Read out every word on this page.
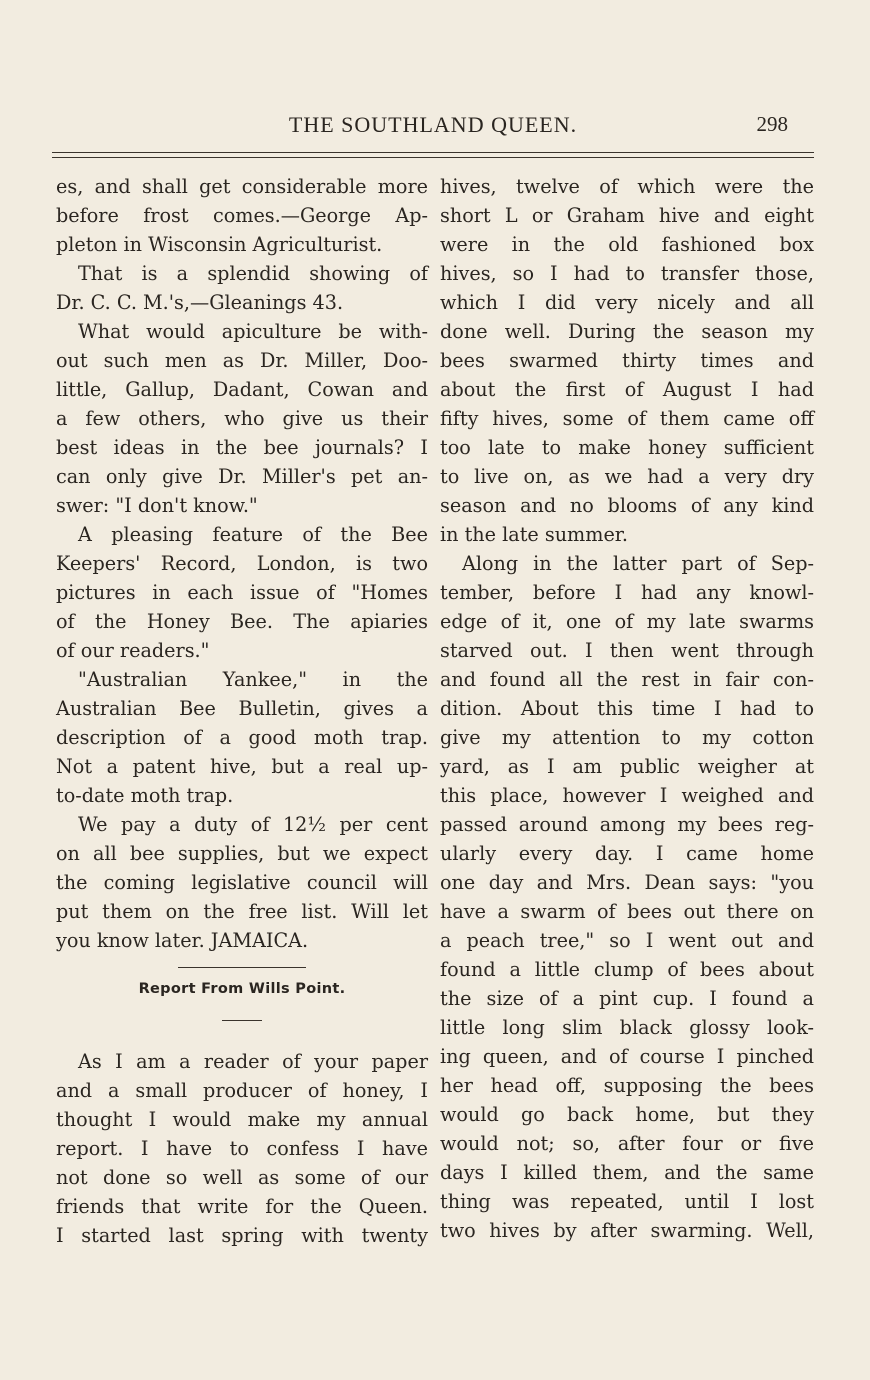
THE SOUTHLAND QUEEN.	298
es, and shall get considerable more
before frost comes.—George Ap-
pleton in Wisconsin Agriculturist.
That is a splendid showing of
Dr. C. C. M.'s,—Gleanings 43.
What would apiculture be with-
out such men as Dr. Miller, Doo-
little, Gallup, Dadant, Cowan and
a few others, who give us their
best ideas in the bee journals? I
can only give Dr. Miller's pet an-
swer: "I don't know."
A pleasing feature of the Bee
Keepers' Record, London, is two
pictures in each issue of "Homes
of the Honey Bee. The apiaries
of our readers."
"Australian Yankee," in the
Australian Bee Bulletin, gives a
description of a good moth trap.
Not a patent hive, but a real up-
to-date moth trap.
We pay a duty of 12½ per cent
on all bee supplies, but we expect
the coming legislative council will
put them on the free list. Will let
you know later. JAMAICA.
Report From Wills Point.
As I am a reader of your paper
and a small producer of honey, I
thought I would make my annual
report. I have to confess I have
not done so well as some of our
friends that write for the Queen.
I started last spring with twenty
hives, twelve of which were the
short L or Graham hive and eight
were in the old fashioned box
hives, so I had to transfer those,
which I did very nicely and all
done well. During the season my
bees swarmed thirty times and
about the first of August I had
fifty hives, some of them came off
too late to make honey sufficient
to live on, as we had a very dry
season and no blooms of any kind
in the late summer.
Along in the latter part of Sep-
tember, before I had any knowl-
edge of it, one of my late swarms
starved out. I then went through
and found all the rest in fair con-
dition. About this time I had to
give my attention to my cotton
yard, as I am public weigher at
this place, however I weighed and
passed around among my bees reg-
ularly every day. I came home
one day and Mrs. Dean says: "you
have a swarm of bees out there on
a peach tree," so I went out and
found a little clump of bees about
the size of a pint cup. I found a
little long slim black glossy look-
ing queen, and of course I pinched
her head off, supposing the bees
would go back home, but they
would not; so, after four or five
days I killed them, and the same
thing was repeated, until I lost
two hives by after swarming. Well,
